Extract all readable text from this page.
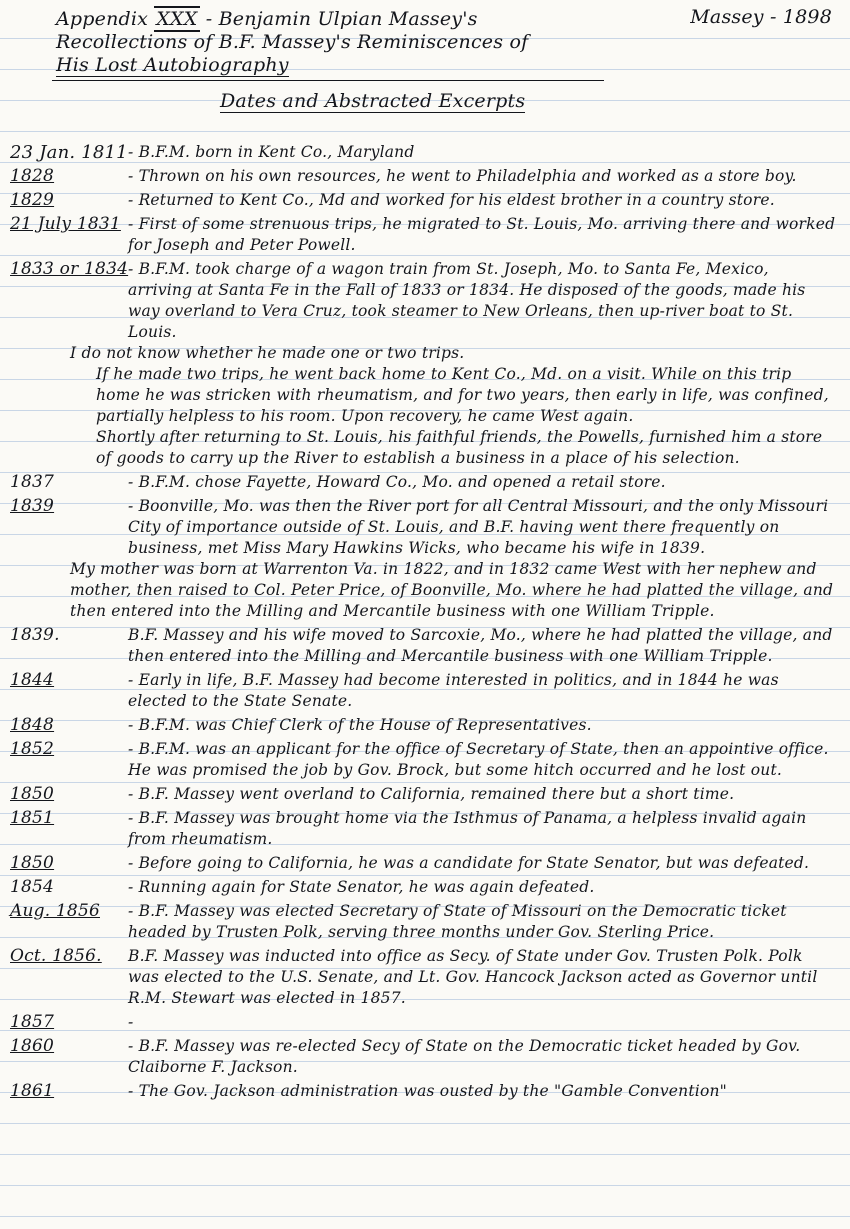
Appendix XXX - Benjamin Ulpian Massey's
Recollections of B.F. Massey's Reminiscences of
His Lost Autobiography
Massey - 1898
Dates and Abstracted Excerpts
23 Jan. 1811 - B.F.M. born in Kent Co., Maryland
1828	- Thrown on his own resources, he went to Philadelphia and worked as a store boy.
1829	- Returned to Kent Co., Md and worked for his eldest brother in a country store.
21 July 1831 - First of some strenuous trips, he migrated to St. Louis, Mo. arriving there and worked for Joseph and Peter Powell.
1833 or 1834 - B.F.M. took charge of a wagon train from St. Joseph, Mo. to Santa Fe, Mexico, arriving at Santa Fe in the Fall of 1833 or 1834. He disposed of the goods, made his way overland to Vera Cruz, took steamer to New Orleans, then up-river boat to St. Louis.
I do not know whether he made one or two trips.
If he made two trips, he went back home to Kent Co., Md. on a visit. While on this trip home he was stricken with rheumatism, and for two years, then early in life, was confined, partially helpless to his room. Upon recovery, he came West again.
Shortly after returning to St. Louis, his faithful friends, the Powells, furnished him a store of goods to carry up the River to establish a business in a place of his selection.
1837	- B.F.M. chose Fayette, Howard Co., Mo. and opened a retail store.
1839	- Boonville, Mo. was then the River port for all Central Missouri, and the only Missouri City of importance outside of St. Louis, and B.F. having went there frequently on business, met Miss Mary Hawkins Wicks, who became his wife in 1839.
My mother was born at Warrenton Va. in 1822, and in 1832 came West with her nephew and mother, then raised to Col. Peter Price, of Boonville, Mo. where he had platted the village, and then entered into the Milling and Mercantile business with one William Tripple.
1839.	B.F. Massey and his wife moved to Sarcoxie, Mo., where he had platted the village, and then entered into the Milling and Mercantile business with one William Tripple.
1844	- Early in life, B.F. Massey had become interested in politics, and in 1844 he was elected to the State Senate.
1848	- B.F.M. was Chief Clerk of the House of Representatives.
1852	- B.F.M. was an applicant for the office of Secretary of State, then an appointive office. He was promised the job by Gov. Brock, but some hitch occurred and he lost out.
1850	- B.F. Massey went overland to California, remained there but a short time.
1851	- B.F. Massey was brought home via the Isthmus of Panama, a helpless invalid again from rheumatism.
1850	- Before going to California, he was a candidate for State Senator, but was defeated.
1854	- Running again for State Senator, he was again defeated.
Aug. 1856 - B.F. Massey was elected Secretary of State of Missouri on the Democratic ticket headed by Trusten Polk, serving three months under Gov. Sterling Price.
Oct. 1856. B.F. Massey was inducted into office as Secy. of State under Gov. Trusten Polk. Polk was elected to the U.S. Senate, and Lt. Gov. Hancock Jackson acted as Governor until R.M. Stewart was elected in 1857.
1857	-
1860	- B.F. Massey was re-elected Secy of State on the Democratic ticket headed by Gov. Claiborne F. Jackson.
1861	- The Gov. Jackson administration was ousted by the "Gamble Convention"
